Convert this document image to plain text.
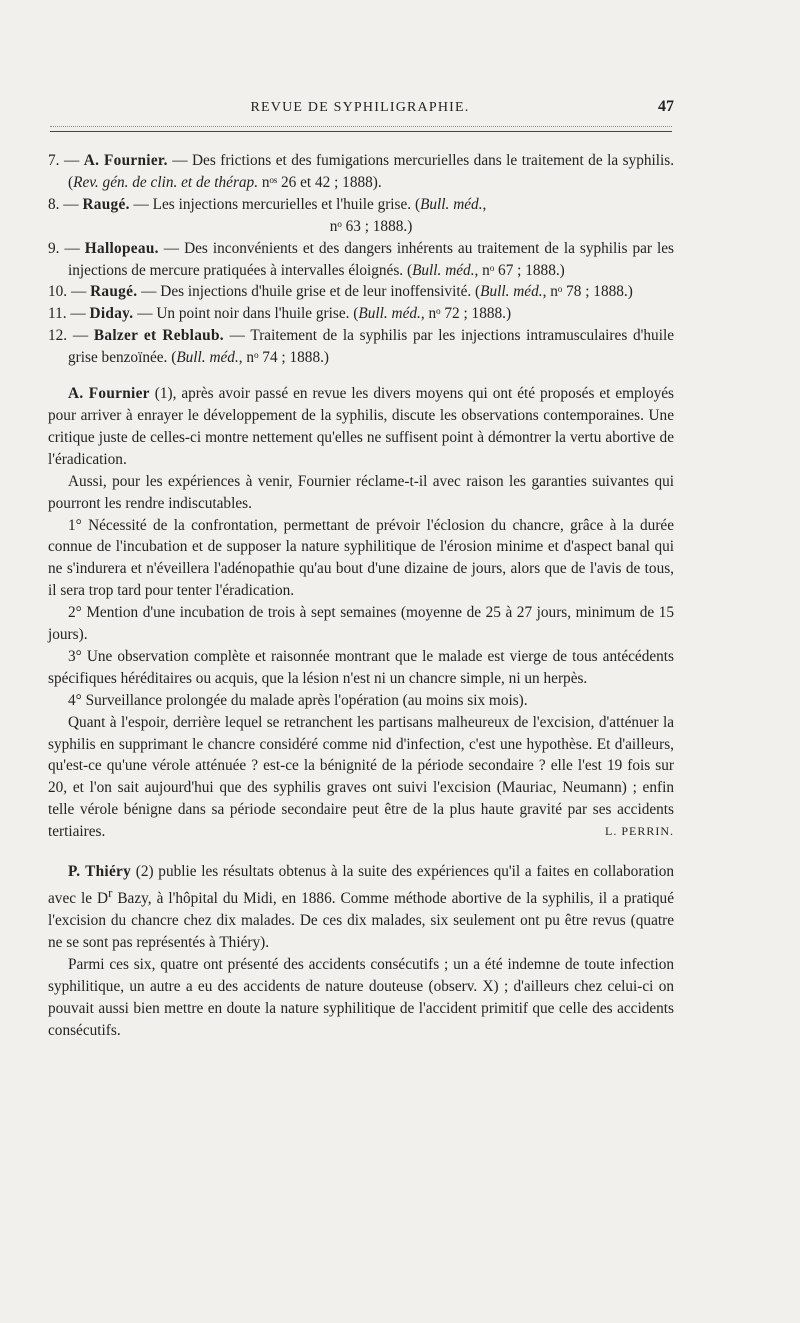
REVUE DE SYPHILIGRAPHIE.	47
7. — A. Fournier. — Des frictions et des fumigations mercurielles dans le traitement de la syphilis. (Rev. gén. de clin. et de thérap. nᵒˢ 26 et 42 ; 1888).
8. — Raugé. — Les injections mercurielles et l'huile grise. (Bull. méd.,
nᵒ 63 ; 1888.)
9. — Hallopeau. — Des inconvénients et des dangers inhérents au traitement de la syphilis par les injections de mercure pratiquées à intervalles éloignés. (Bull. méd., nᵒ 67 ; 1888.)
10. — Raugé. — Des injections d'huile grise et de leur inoffensivité. (Bull. méd., nᵒ 78 ; 1888.)
11. — Diday. — Un point noir dans l'huile grise. (Bull. méd., nᵒ 72 ; 1888.)
12. — Balzer et Reblaub. — Traitement de la syphilis par les injections intramusculaires d'huile grise benzoïnée. (Bull. méd., nᵒ 74 ; 1888.)

A. Fournier (1), après avoir passé en revue les divers moyens qui ont été proposés et employés pour arriver à enrayer le développement de la syphilis, discute les observations contemporaines. Une critique juste de celles-ci montre nettement qu'elles ne suffisent point à démontrer la vertu abortive de l'éradication.

Aussi, pour les expériences à venir, Fournier réclame-t-il avec raison les garanties suivantes qui pourront les rendre indiscutables.

1° Nécessité de la confrontation, permettant de prévoir l'éclosion du chancre, grâce à la durée connue de l'incubation et de supposer la nature syphilitique de l'érosion minime et d'aspect banal qui ne s'indurera et n'éveillera l'adénopathie qu'au bout d'une dizaine de jours, alors que de l'avis de tous, il sera trop tard pour tenter l'éradication.

2° Mention d'une incubation de trois à sept semaines (moyenne de 25 à 27 jours, minimum de 15 jours).

3° Une observation complète et raisonnée montrant que le malade est vierge de tous antécédents spécifiques héréditaires ou acquis, que la lésion n'est ni un chancre simple, ni un herpès.

4° Surveillance prolongée du malade après l'opération (au moins six mois).

Quant à l'espoir, derrière lequel se retranchent les partisans malheureux de l'excision, d'atténuer la syphilis en supprimant le chancre considéré comme nid d'infection, c'est une hypothèse. Et d'ailleurs, qu'est-ce qu'une vérole atténuée ? est-ce la bénignité de la période secondaire ? elle l'est 19 fois sur 20, et l'on sait aujourd'hui que des syphilis graves ont suivi l'excision (Mauriac, Neumann) ; enfin telle vérole bénigne dans sa période secondaire peut être de la plus haute gravité par ses accidents tertiaires.	L. PERRIN.

P. Thiéry (2) publie les résultats obtenus à la suite des expériences qu'il a faites en collaboration avec le $D^r$ Bazy, à l'hôpital du Midi, en 1886. Comme méthode abortive de la syphilis, il a pratiqué l'excision du chancre chez dix malades. De ces dix malades, six seulement ont pu être revus (quatre ne se sont pas représentés à Thiéry).

Parmi ces six, quatre ont présenté des accidents consécutifs ; un a été indemne de toute infection syphilitique, un autre a eu des accidents de nature douteuse (observ. X) ; d'ailleurs chez celui-ci on pouvait aussi bien mettre en doute la nature syphilitique de l'accident primitif que celle des accidents consécutifs.
